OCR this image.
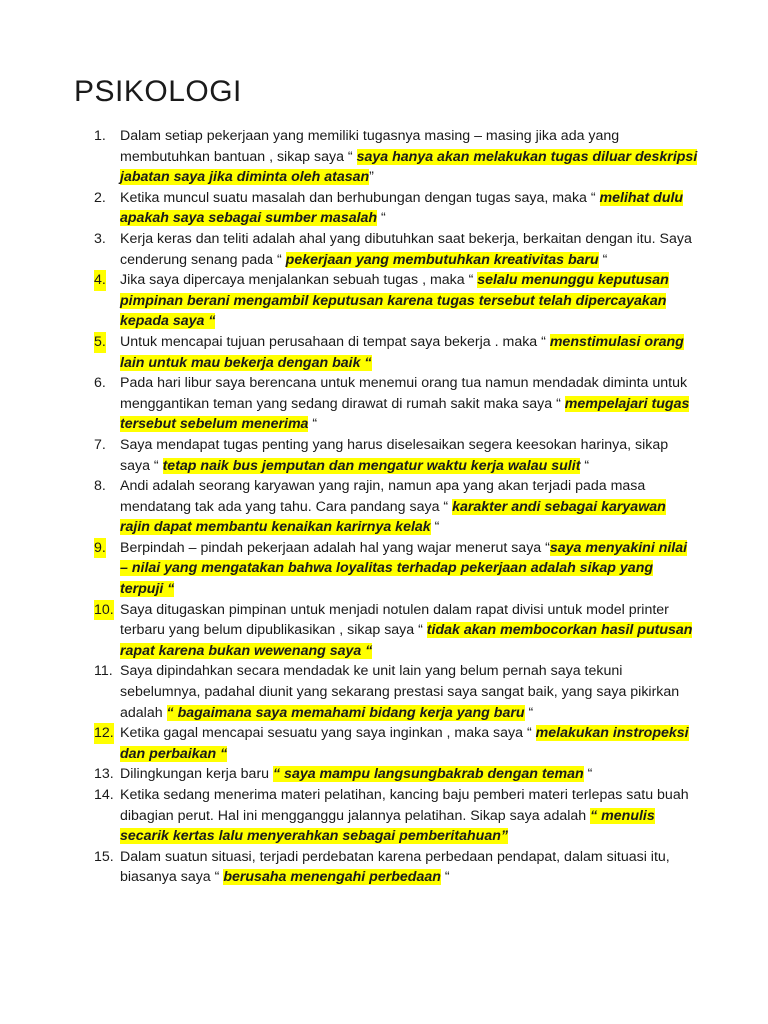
PSIKOLOGI
1. Dalam setiap pekerjaan yang memiliki tugasnya masing – masing jika ada yang membutuhkan bantuan , sikap saya “ saya hanya akan melakukan tugas diluar deskripsi jabatan saya jika diminta oleh atasan”
2. Ketika muncul suatu masalah dan berhubungan dengan tugas saya, maka “ melihat dulu apakah saya sebagai sumber masalah “
3. Kerja keras dan teliti adalah ahal yang dibutuhkan saat bekerja, berkaitan dengan itu. Saya cenderung senang pada “ pekerjaan yang membutuhkan kreativitas baru “
4. Jika saya dipercaya menjalankan sebuah tugas , maka “ selalu menunggu keputusan pimpinan berani mengambil keputusan karena tugas tersebut telah dipercayakan kepada saya “
5. Untuk mencapai tujuan perusahaan di tempat saya bekerja . maka “ menstimulasi orang lain untuk mau bekerja dengan baik “
6. Pada hari libur saya berencana untuk menemui orang tua namun mendadak diminta untuk menggantikan teman yang sedang dirawat di rumah sakit maka saya “ mempelajari tugas tersebut sebelum menerima “
7. Saya mendapat tugas penting yang harus diselesaikan segera keesokan harinya, sikap saya “ tetap naik bus jemputan dan mengatur waktu kerja walau sulit “
8. Andi adalah seorang karyawan yang rajin, namun apa yang akan terjadi pada masa mendatang tak ada yang tahu. Cara pandang saya “ karakter andi sebagai karyawan rajin dapat membantu kenaikan karirnya kelak “
9. Berpindah – pindah pekerjaan adalah hal yang wajar menerut saya “saya menyakini nilai – nilai yang mengatakan bahwa loyalitas terhadap pekerjaan adalah sikap yang terpuji “
10. Saya ditugaskan pimpinan untuk menjadi notulen dalam rapat divisi untuk model printer terbaru yang belum dipublikasikan , sikap saya “ tidak akan membocorkan hasil putusan rapat karena bukan wewenang saya “
11. Saya dipindahkan secara mendadak ke unit lain yang belum pernah saya tekuni sebelumnya, padahal diunit yang sekarang prestasi saya sangat baik, yang saya pikirkan adalah “ bagaimana saya memahami bidang kerja yang baru “
12. Ketika gagal mencapai sesuatu yang saya inginkan , maka saya “ melakukan instropeksi dan perbaikan “
13. Dilingkungan kerja baru “ saya mampu langsungbakrab dengan teman “
14. Ketika sedang menerima materi pelatihan, kancing baju pemberi materi terlepas satu buah dibagian perut. Hal ini mengganggu jalannya pelatihan. Sikap saya adalah “ menulis secarik kertas lalu menyerahkan sebagai pemberitahuan”
15. Dalam suatun situasi, terjadi perdebatan karena perbedaan pendapat, dalam situasi itu, biasanya saya “ berusaha menengahi perbedaan “
